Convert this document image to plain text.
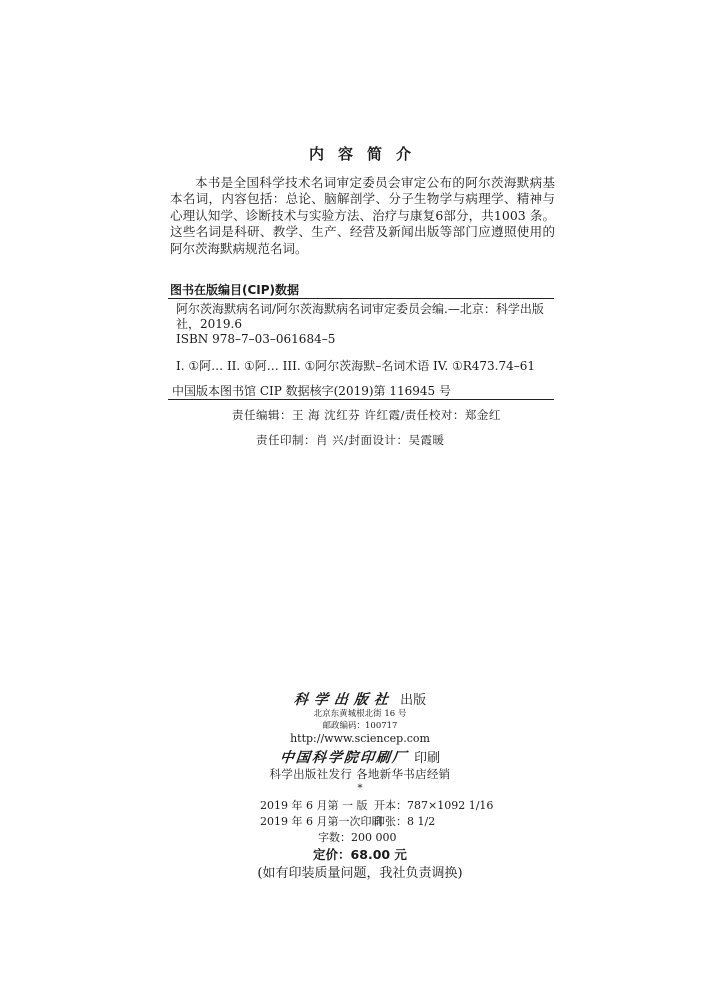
内容简介
本书是全国科学技术名词审定委员会审定公布的阿尔茨海默病基本名词，内容包括：总论、脑解剖学、分子生物学与病理学、精神与心理认知学、诊断技术与实验方法、治疗与康复6部分，共1003 条。这些名词是科研、教学、生产、经营及新闻出版等部门应遵照使用的阿尔茨海默病规范名词。
图书在版编目(CIP)数据
阿尔茨海默病名词/阿尔茨海默病名词审定委员会编.—北京：科学出版社，2019.6
ISBN 978–7–03–061684–5
I. ①阿… II. ①阿… III. ①阿尔茨海默–名词术语 IV. ①R473.74–61
中国版本图书馆 CIP 数据核字(2019)第 116945 号
责任编辑：王 海 沈红芬 许红霞/责任校对：郑金红
责任印制：肖 兴/封面设计：吴霞暖
科学出版社 出版
北京东黄城根北街 16 号
邮政编码：100717
http://www.sciencep.com
中国科学院印刷厂 印刷
科学出版社发行 各地新华书店经销
*
2019 年 6 月第 一 版 开本：787×1092 1/16
2019 年 6 月第一次印刷
印张：8 1/2
字数：200 000
定价：68.00 元
(如有印装质量问题，我社负责调换)
